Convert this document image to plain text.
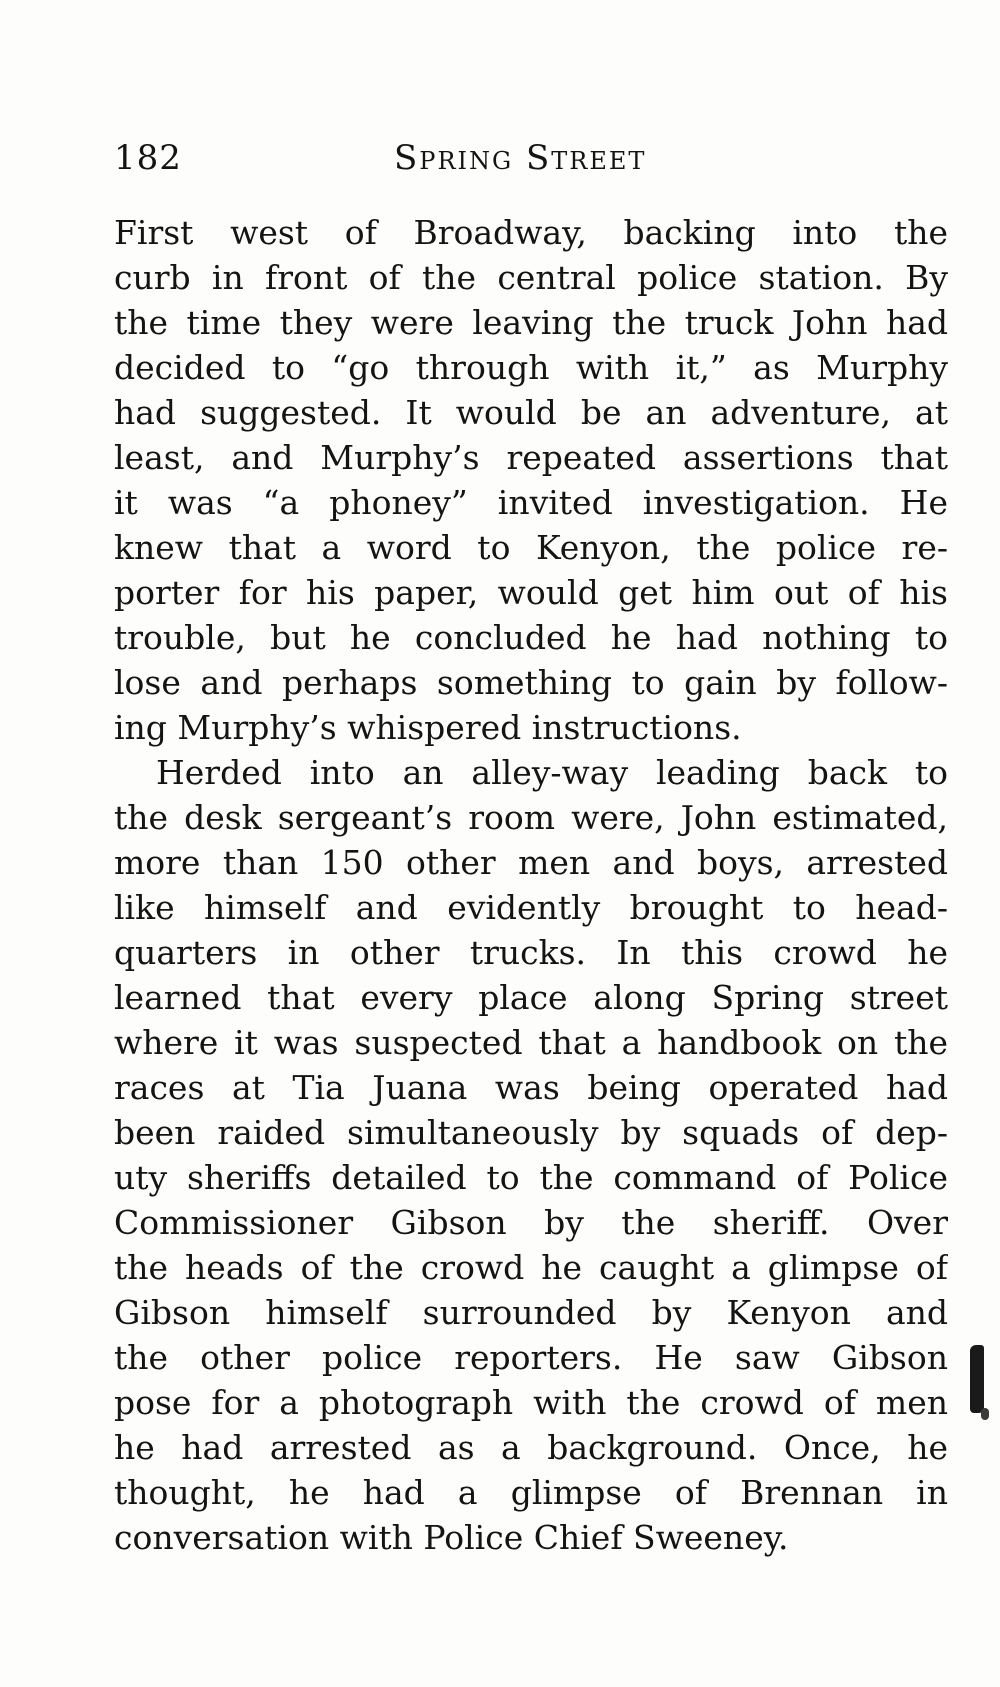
182	Spring Street
First west of Broadway, backing into the
curb in front of the central police station. By
the time they were leaving the truck John had
decided to “go through with it,” as Murphy
had suggested. It would be an adventure, at
least, and Murphy’s repeated assertions that
it was “a phoney” invited investigation. He
knew that a word to Kenyon, the police re-
porter for his paper, would get him out of his
trouble, but he concluded he had nothing to
lose and perhaps something to gain by follow-
ing Murphy’s whispered instructions.
Herded into an alley-way leading back to
the desk sergeant’s room were, John estimated,
more than 150 other men and boys, arrested
like himself and evidently brought to head-
quarters in other trucks. In this crowd he
learned that every place along Spring street
where it was suspected that a handbook on the
races at Tia Juana was being operated had
been raided simultaneously by squads of dep-
uty sheriffs detailed to the command of Police
Commissioner Gibson by the sheriff. Over
the heads of the crowd he caught a glimpse of
Gibson himself surrounded by Kenyon and
the other police reporters. He saw Gibson
pose for a photograph with the crowd of men
he had arrested as a background. Once, he
thought, he had a glimpse of Brennan in
conversation with Police Chief Sweeney.
